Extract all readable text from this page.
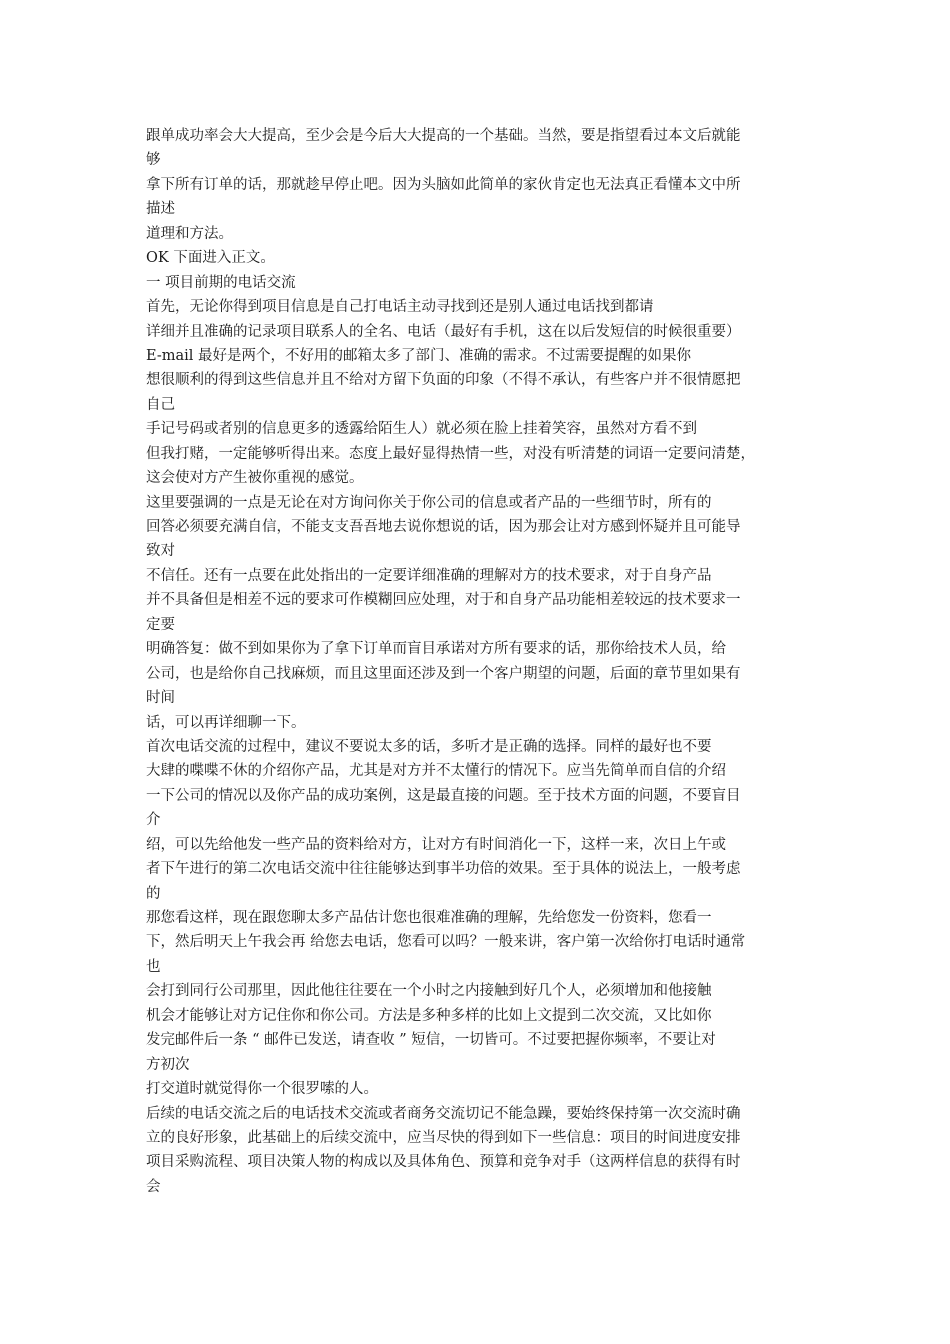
跟单成功率会大大提高，至少会是今后大大提高的一个基础。当然，要是指望看过本文后就能
够
拿下所有订单的话，那就趁早停止吧。因为头脑如此简单的家伙肯定也无法真正看懂本文中所
描述
道理和方法。
OK 下面进入正文。
一 项目前期的电话交流
首先，无论你得到项目信息是自己打电话主动寻找到还是别人通过电话找到都请
详细并且准确的记录项目联系人的全名、电话（最好有手机，这在以后发短信的时候很重要）
E-mail 最好是两个，不好用的邮箱太多了部门、准确的需求。不过需要提醒的如果你
想很顺利的得到这些信息并且不给对方留下负面的印象（不得不承认，有些客户并不很情愿把
自己
手记号码或者别的信息更多的透露给陌生人）就必须在脸上挂着笑容，虽然对方看不到
但我打赌，一定能够听得出来。态度上最好显得热情一些，对没有听清楚的词语一定要问清楚，
这会使对方产生被你重视的感觉。
这里要强调的一点是无论在对方询问你关于你公司的信息或者产品的一些细节时，所有的
回答必须要充满自信，不能支支吾吾地去说你想说的话，因为那会让对方感到怀疑并且可能导
致对
不信任。还有一点要在此处指出的一定要详细准确的理解对方的技术要求，对于自身产品
并不具备但是相差不远的要求可作模糊回应处理，对于和自身产品功能相差较远的技术要求一
定要
明确答复：做不到如果你为了拿下订单而盲目承诺对方所有要求的话，那你给技术人员，给
公司，也是给你自己找麻烦，而且这里面还涉及到一个客户期望的问题，后面的章节里如果有
时间
话，可以再详细聊一下。
首次电话交流的过程中，建议不要说太多的话，多听才是正确的选择。同样的最好也不要
大肆的喋喋不休的介绍你产品，尤其是对方并不太懂行的情况下。应当先简单而自信的介绍
一下公司的情况以及你产品的成功案例，这是最直接的问题。至于技术方面的问题，不要盲目
介
绍，可以先给他发一些产品的资料给对方，让对方有时间消化一下，这样一来，次日上午或
者下午进行的第二次电话交流中往往能够达到事半功倍的效果。至于具体的说法上，一般考虑
的
那您看这样，现在跟您聊太多产品估计您也很难准确的理解，先给您发一份资料，您看一
下，然后明天上午我会再 给您去电话，您看可以吗？一般来讲，客户第一次给你打电话时通常
也
会打到同行公司那里，因此他往往要在一个小时之内接触到好几个人，必须增加和他接触
机会才能够让对方记住你和你公司。方法是多种多样的比如上文提到二次交流，又比如你
发完邮件后一条 “ 邮件已发送，请查收 ” 短信，一切皆可。不过要把握你频率，不要让对
方初次
打交道时就觉得你一个很罗嗦的人。
后续的电话交流之后的电话技术交流或者商务交流切记不能急躁，要始终保持第一次交流时确
立的良好形象，此基础上的后续交流中，应当尽快的得到如下一些信息：项目的时间进度安排
项目采购流程、项目决策人物的构成以及具体角色、预算和竞争对手（这两样信息的获得有时
会
